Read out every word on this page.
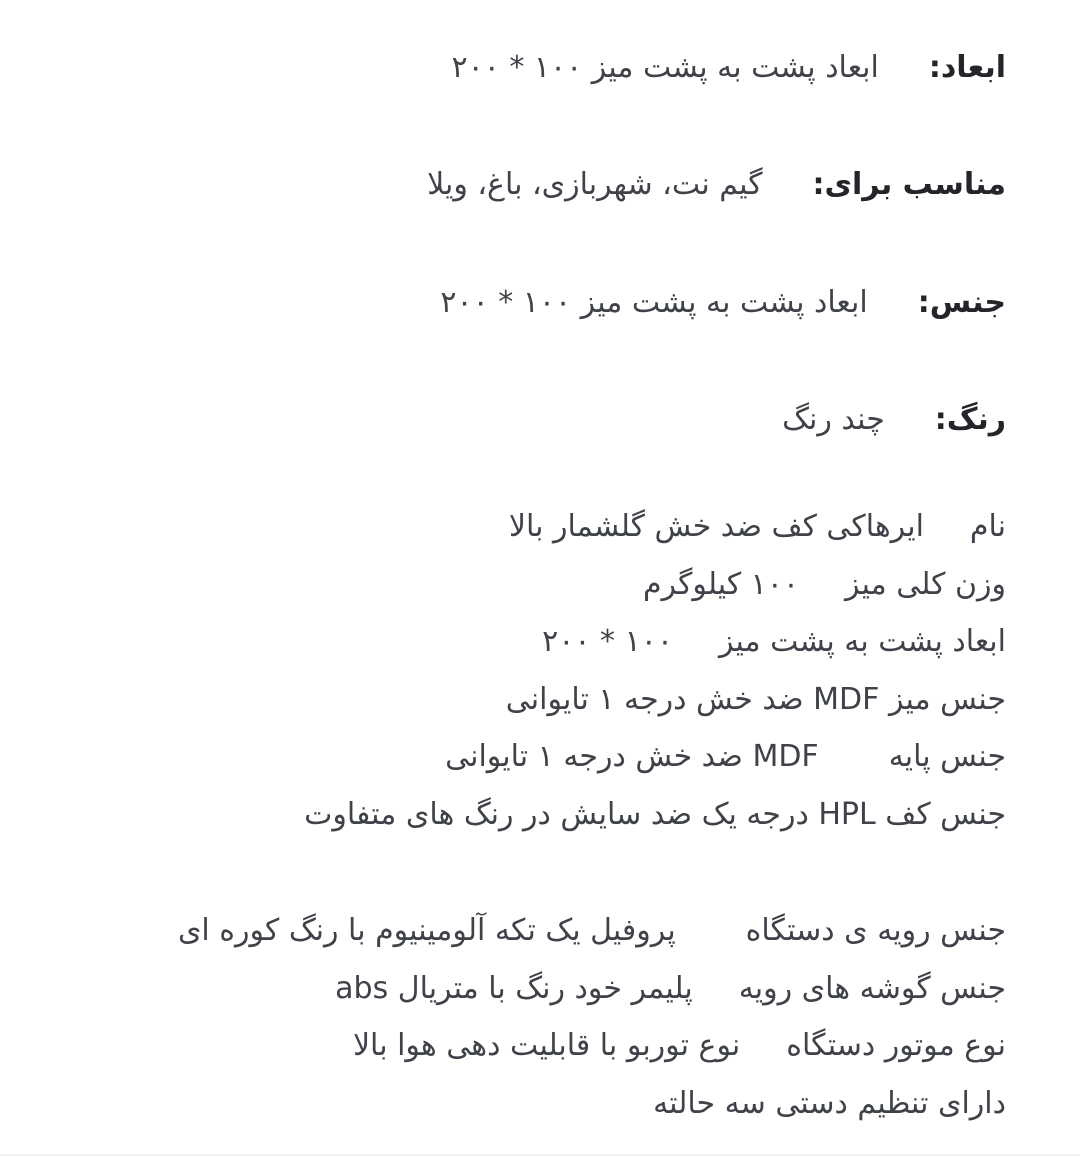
ابعاد:ابعاد پشت به پشت میز ۱۰۰ * ۲۰۰
مناسب برای:گیم نت، شهربازی، باغ، ویلا
جنس:ابعاد پشت به پشت میز ۱۰۰ * ۲۰۰
رنگ:چند رنگ
نامایرهاکی کف ضد خش گلشمار بالا
وزن کلی میز۱۰۰ کیلوگرم
ابعاد پشت به پشت میز۱۰۰ * ۲۰۰
جنس میز MDF ضد خش درجه ۱ تایوانی
جنس پایهMDF ضد خش درجه ۱ تایوانی
جنس کف HPL درجه یک ضد سایش در رنگ های متفاوت
جنس رویه ی دستگاهپروفیل یک تکه آلومینیوم با رنگ کوره ای
جنس گوشه های رویهپلیمر خود رنگ با متریال abs
نوع موتور دستگاهنوع توربو با قابلیت دهی هوا بالا
دارای تنظیم دستی سه حالته
